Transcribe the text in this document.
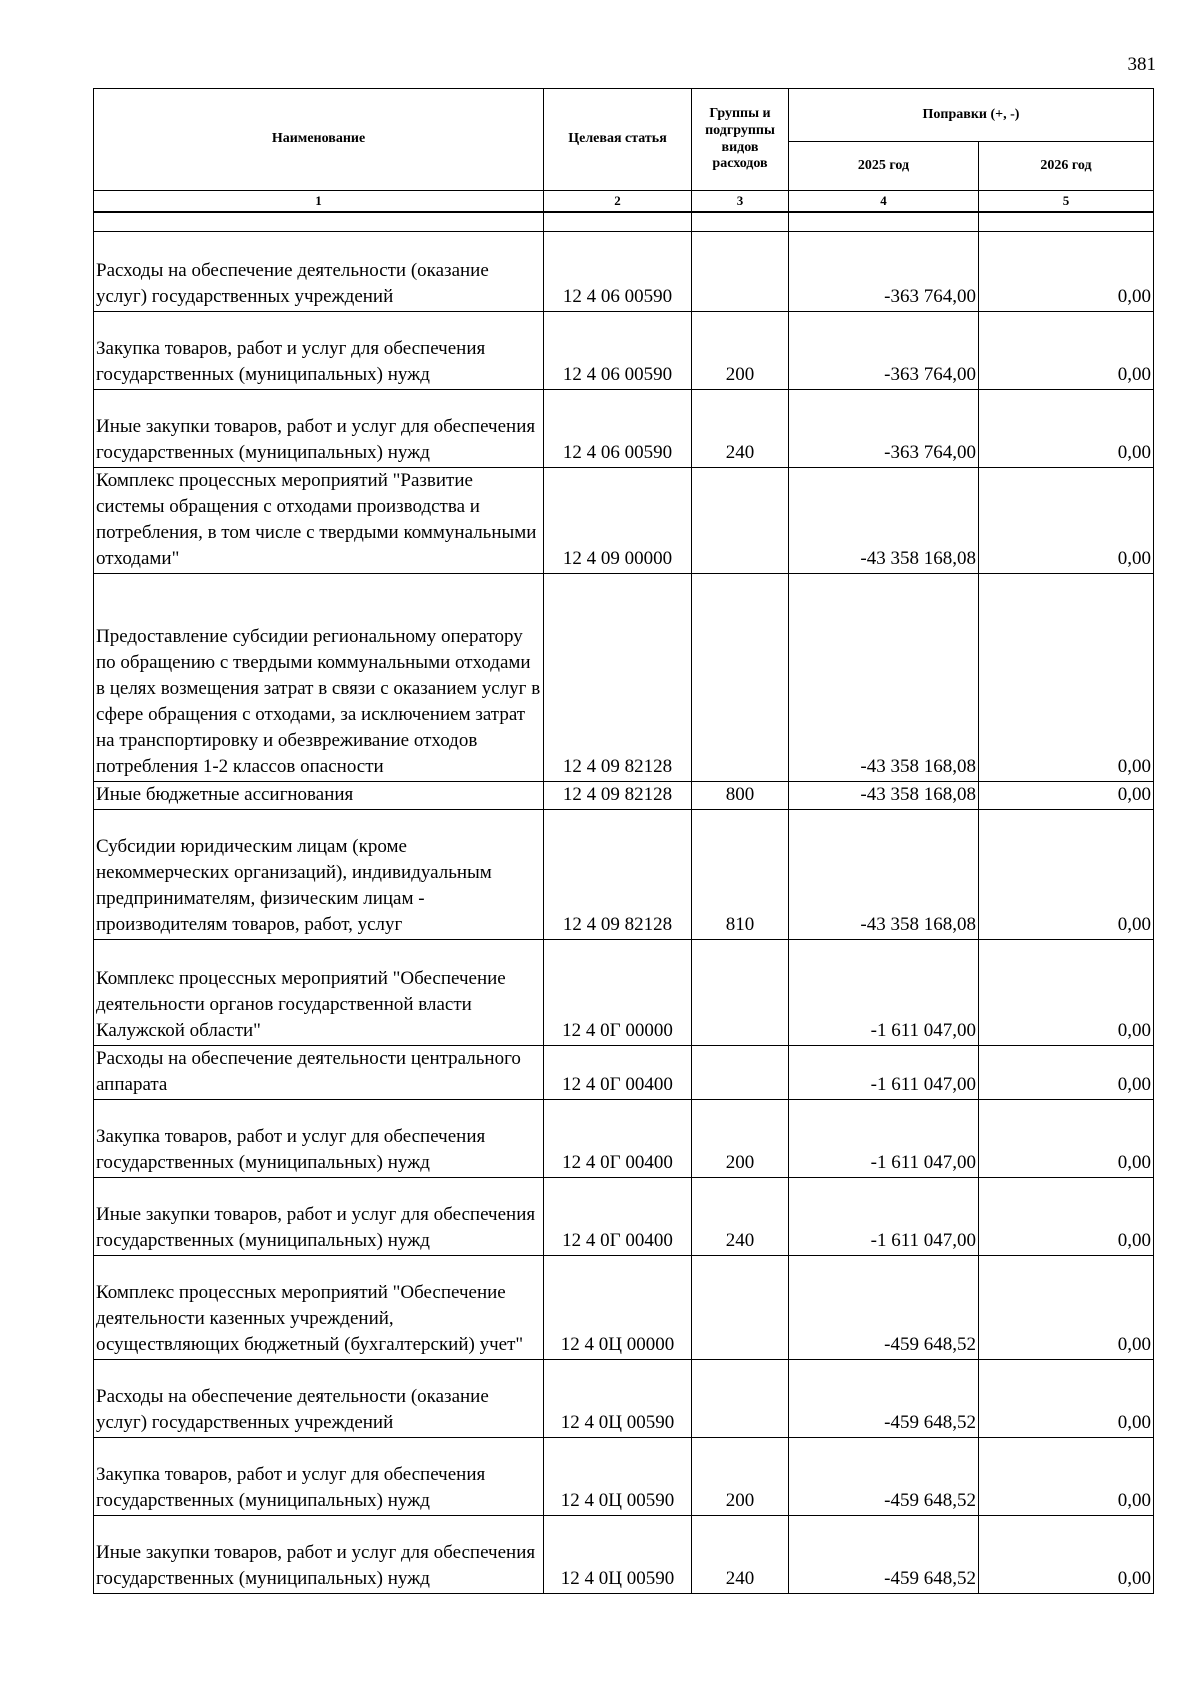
381
Наименование	Целевая статья	Группы и подгруппы видов расходов	Поправки (+, -)	
			2025 год	2026 год
1	2	3	4	5

Расходы на обеспечение деятельности (оказание услуг) государственных учреждений	12 4 06 00590		-363 764,00	0,00
Закупка товаров, работ и услуг для обеспечения государственных (муниципальных) нужд	12 4 06 00590	200	-363 764,00	0,00
Иные закупки товаров, работ и услуг для обеспечения государственных (муниципальных) нужд	12 4 06 00590	240	-363 764,00	0,00
Комплекс процессных мероприятий "Развитие системы обращения с отходами производства и потребления, в том числе с твердыми коммунальными отходами"	12 4 09 00000		-43 358 168,08	0,00
Предоставление субсидии региональному оператору по обращению с твердыми коммунальными отходами в целях возмещения затрат в связи с оказанием услуг в сфере обращения с отходами, за исключением затрат на транспортировку и обезвреживание отходов потребления 1-2 классов опасности	12 4 09 82128		-43 358 168,08	0,00
Иные бюджетные ассигнования	12 4 09 82128	800	-43 358 168,08	0,00
Субсидии юридическим лицам (кроме некоммерческих организаций), индивидуальным предпринимателям, физическим лицам - производителям товаров, работ, услуг	12 4 09 82128	810	-43 358 168,08	0,00
Комплекс процессных мероприятий "Обеспечение деятельности органов государственной власти Калужской области"	12 4 0Г 00000		-1 611 047,00	0,00
Расходы на обеспечение деятельности центрального аппарата	12 4 0Г 00400		-1 611 047,00	0,00
Закупка товаров, работ и услуг для обеспечения государственных (муниципальных) нужд	12 4 0Г 00400	200	-1 611 047,00	0,00
Иные закупки товаров, работ и услуг для обеспечения государственных (муниципальных) нужд	12 4 0Г 00400	240	-1 611 047,00	0,00
Комплекс процессных мероприятий "Обеспечение деятельности казенных учреждений, осуществляющих бюджетный (бухгалтерский) учет"	12 4 0Ц 00000		-459 648,52	0,00
Расходы на обеспечение деятельности (оказание услуг) государственных учреждений	12 4 0Ц 00590		-459 648,52	0,00
Закупка товаров, работ и услуг для обеспечения государственных (муниципальных) нужд	12 4 0Ц 00590	200	-459 648,52	0,00
Иные закупки товаров, работ и услуг для обеспечения государственных (муниципальных) нужд	12 4 0Ц 00590	240	-459 648,52	0,00
